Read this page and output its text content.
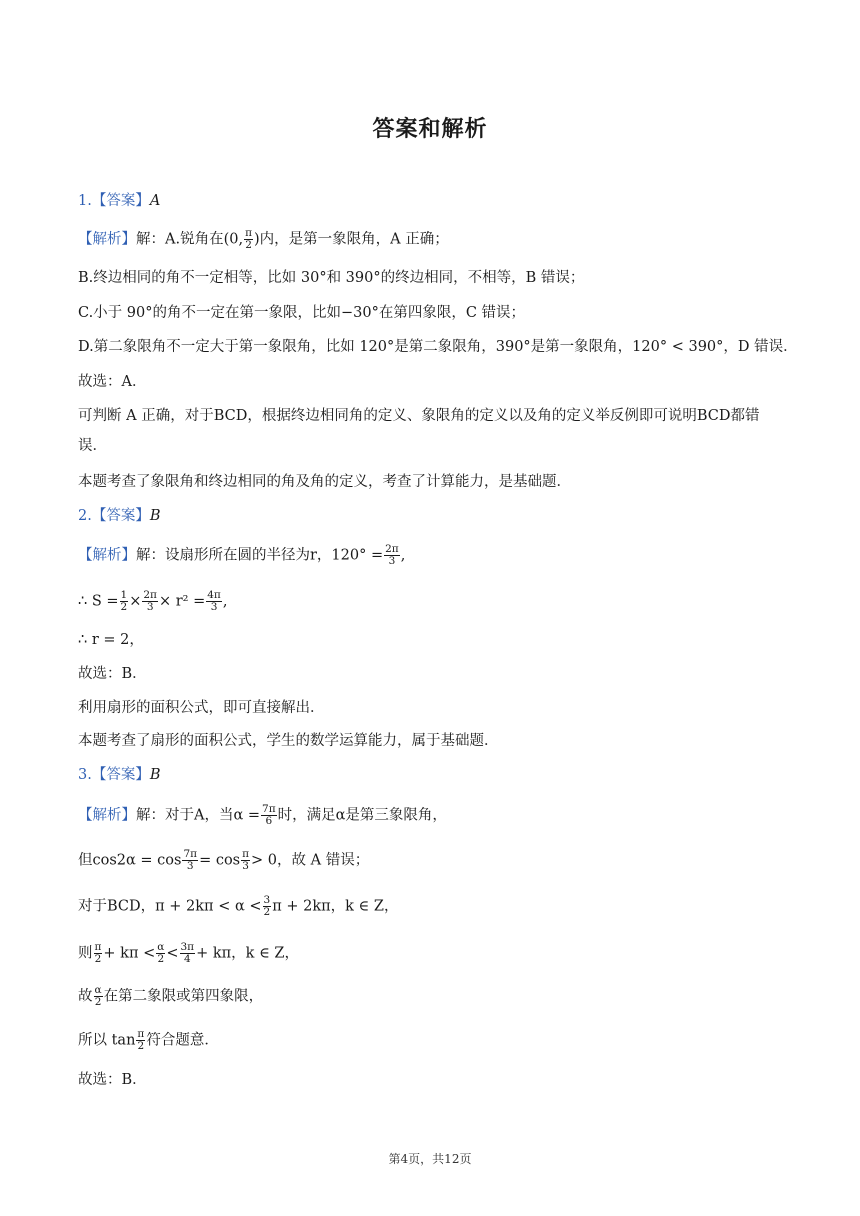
答案和解析
1.【答案】A
【解析】解：A.锐角在(0, $\frac{\pi}{2}$ )内，是第一象限角，A 正确；
B.终边相同的角不一定相等，比如 30°和 390°的终边相同，不相等，B 错误；
C.小于 90°的角不一定在第一象限，比如−30°在第四象限，C 错误；
D.第二象限角不一定大于第一象限角，比如 120°是第二象限角，390°是第一象限角，120° < 390°，D 错误．
故选：A．
可判断 A 正确，对于BCD，根据终边相同角的定义、象限角的定义以及角的定义举反例即可说明BCD都错
误．
本题考查了象限角和终边相同的角及角的定义，考查了计算能力，是基础题．
2.【答案】B
【解析】解：设扇形所在圆的半径为r，$120^\circ = \frac{2\pi}{3}$ ,
∴ $S = \frac{1}{2} \times \frac{2\pi}{3} \times r^2 = \frac{4\pi}{3}$ ,
∴ r = 2，
故选：B．
利用扇形的面积公式，即可直接解出．
本题考查了扇形的面积公式，学生的数学运算能力，属于基础题．
3.【答案】B
【解析】解：对于A，当$\alpha = \frac{7\pi}{6}$ 时，满足α是第三象限角，
但$\cos 2\alpha = \cos \frac{7\pi}{3} = \cos \frac{\pi}{3} > 0$，故 A 错误；
对于BCD，$\pi + 2k\pi < \alpha < \frac{3}{2}$ π + 2kπ，k ∈ Z，
则 $\frac{\pi}{2} + k\pi < \frac{\alpha}{2} < \frac{3\pi}{4} + k\pi$，k ∈ Z，
故 $\frac{\alpha}{2}$ 在第二象限或第四象限，
所以 $\tan \frac{\pi}{2}$ 符合题意．
故选：B．
第4页，共12页
